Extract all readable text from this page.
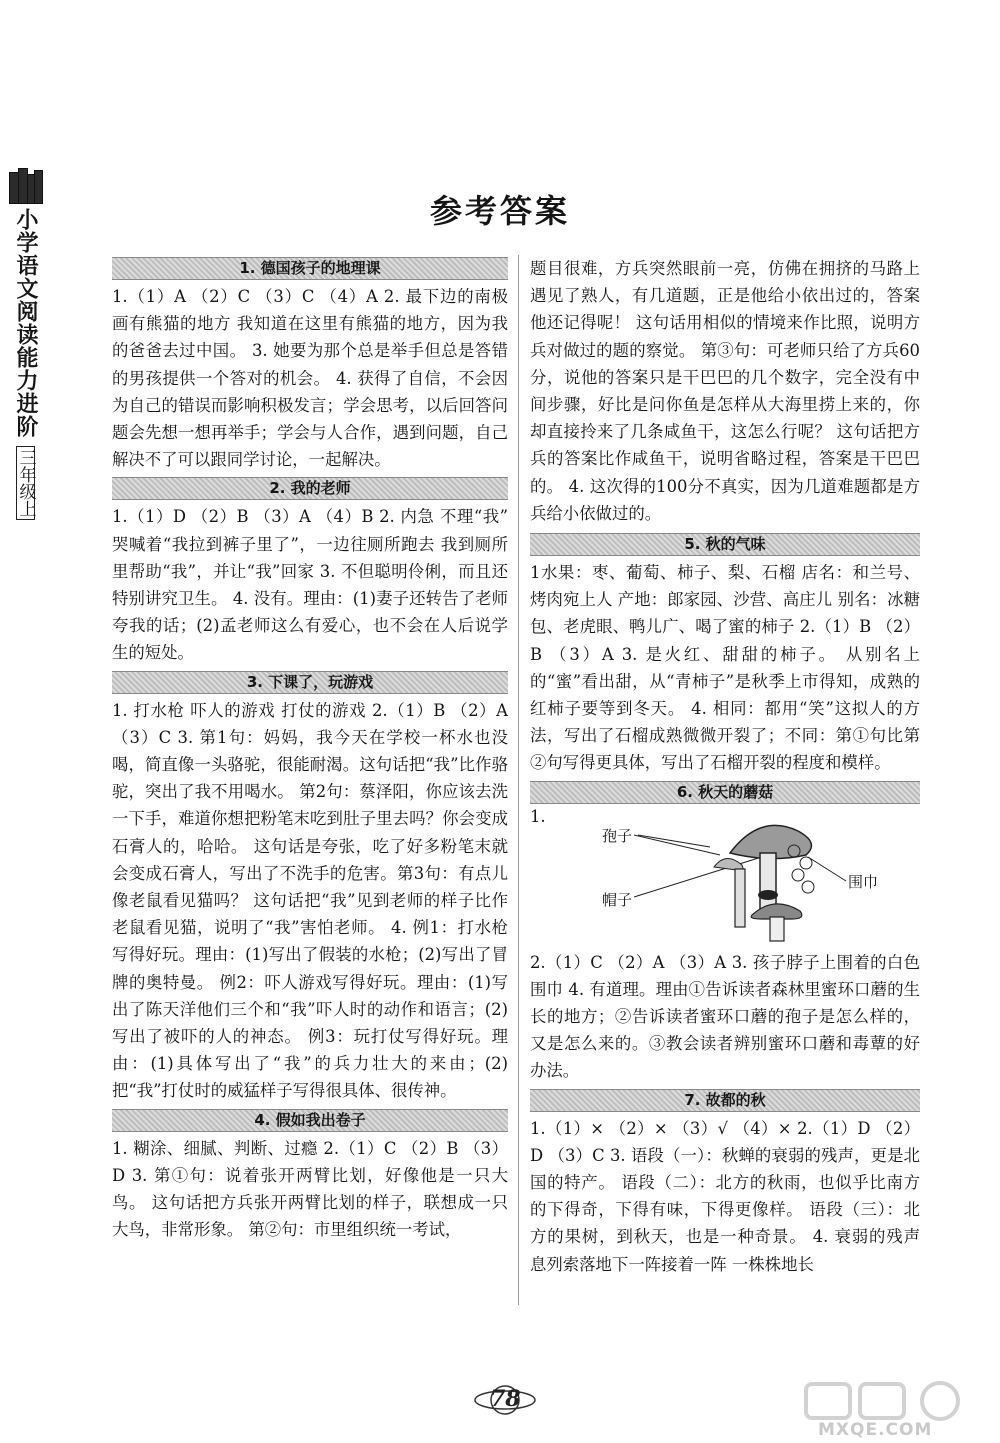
小学语文阅读能力进阶
三年级上
参考答案
1. 德国孩子的地理课

1.（1）A （2）C （3）C （4）A 2. 最下边的南极 画有熊猫的地方 我知道在这里有熊猫的地方，因为我的爸爸去过中国。 3. 她要为那个总是举手但总是答错的男孩提供一个答对的机会。 4. 获得了自信，不会因为自己的错误而影响积极发言；学会思考，以后回答问题会先想一想再举手；学会与人合作，遇到问题，自己解决不了可以跟同学讨论，一起解决。

2. 我的老师

1.（1）D （2）B （3）A （4）B 2. 内急 不理“我” 哭喊着“我拉到裤子里了”，一边往厕所跑去 我到厕所里帮助“我”，并让“我”回家 3. 不但聪明伶俐，而且还特别讲究卫生。 4. 没有。理由：(1)妻子还转告了老师夸我的话；(2)孟老师这么有爱心，也不会在人后说学生的短处。

3. 下课了，玩游戏

1. 打水枪 吓人的游戏 打仗的游戏 2.（1）B （2）A （3）C 3. 第1句：妈妈，我今天在学校一杯水也没喝，简直像一头骆驼，很能耐渴。这句话把“我”比作骆驼，突出了我不用喝水。 第2句：蔡泽阳，你应该去洗一下手，难道你想把粉笔末吃到肚子里去吗？你会变成石膏人的，哈哈。 这句话是夸张，吃了好多粉笔末就会变成石膏人，写出了不洗手的危害。第3句：有点儿像老鼠看见猫吗？ 这句话把“我”见到老师的样子比作老鼠看见猫，说明了“我”害怕老师。 4. 例1：打水枪写得好玩。理由：(1)写出了假装的水枪；(2)写出了冒牌的奥特曼。 例2：吓人游戏写得好玩。理由：(1)写出了陈天洋他们三个和“我”吓人时的动作和语言；(2)写出了被吓的人的神态。 例3：玩打仗写得好玩。理由：(1)具体写出了“我”的兵力壮大的来由；(2)把“我”打仗时的威猛样子写得很具体、很传神。

4. 假如我出卷子

1. 糊涂、细腻、判断、过瘾 2.（1）C （2）B （3）D 3. 第①句：说着张开两臂比划，好像他是一只大鸟。 这句话把方兵张开两臂比划的样子，联想成一只大鸟，非常形象。 第②句：市里组织统一考试，

题目很难，方兵突然眼前一亮，仿佛在拥挤的马路上遇见了熟人，有几道题，正是他给小依出过的，答案他还记得呢！ 这句话用相似的情境来作比照，说明方兵对做过的题的察觉。 第③句：可老师只给了方兵60分，说他的答案只是干巴巴的几个数字，完全没有中间步骤，好比是问你鱼是怎样从大海里捞上来的，你却直接拎来了几条咸鱼干，这怎么行呢？ 这句话把方兵的答案比作咸鱼干，说明省略过程，答案是干巴巴的。 4. 这次得的100分不真实，因为几道难题都是方兵给小依做过的。

5. 秋的气味

1水果：枣、葡萄、柿子、梨、石榴 店名：和兰号、烤肉宛上人 产地：郎家园、沙营、高庄儿 别名：冰糖包、老虎眼、鸭儿广、喝了蜜的柿子 2.（1）B （2）B （3）A 3. 是火红、甜甜的柿子。 从别名上的“蜜”看出甜，从“青柿子”是秋季上市得知，成熟的红柿子要等到冬天。 4. 相同：都用“笑”这拟人的方法，写出了石榴成熟微微开裂了；不同：第①句比第②句写得更具体，写出了石榴开裂的程度和模样。

6. 秋天的蘑菇
1.
孢子
帽子
围巾

2.（1）C （2）A （3）A 3. 孩子脖子上围着的白色围巾 4. 有道理。理由①告诉读者森林里蜜环口蘑的生长的地方；②告诉读者蜜环口蘑的孢子是怎么样的，又是怎么来的。③教会读者辨别蜜环口蘑和毒蕈的好办法。

7. 故都的秋

1.（1）× （2）× （3）√ （4）× 2.（1）D （2）D （3）C 3. 语段（一）：秋蝉的衰弱的残声，更是北国的特产。 语段（二）：北方的秋雨，也似乎比南方的下得奇，下得有味，下得更像样。 语段（三）：北方的果树，到秋天，也是一种奇景。 4. 衰弱的残声 息列索落地下一阵接着一阵 一株株地长

78
MXQE.COM
